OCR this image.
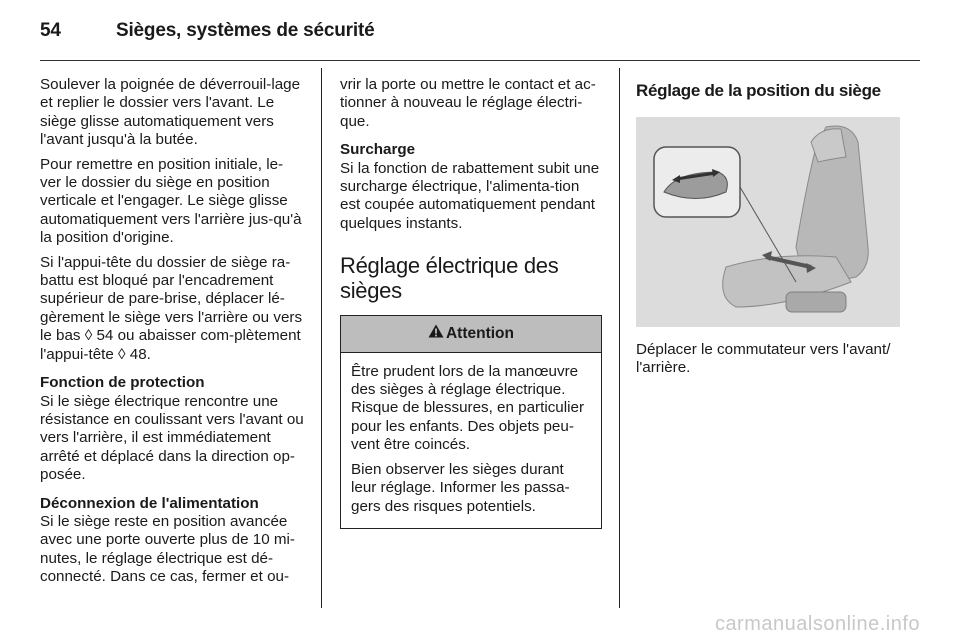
54	Sièges, systèmes de sécurité

Soulever la poignée de déverrouil-lage et replier le dossier vers l'avant. Le siège glisse automatiquement vers l'avant jusqu'à la butée.

Pour remettre en position initiale, le-ver le dossier du siège en position verticale et l'engager. Le siège glisse automatiquement vers l'arrière jus-qu'à la position d'origine.

Si l'appui-tête du dossier de siège ra-battu est bloqué par l'encadrement supérieur de pare-brise, déplacer lé-gèrement le siège vers l'arrière ou vers le bas ◊ 54 ou abaisser com-plètement l'appui-tête ◊ 48.

Fonction de protection

Si le siège électrique rencontre une résistance en coulissant vers l'avant ou vers l'arrière, il est immédiatement arrêté et déplacé dans la direction op-posée.

Déconnexion de l'alimentation

Si le siège reste en position avancée avec une porte ouverte plus de 10 mi-nutes, le réglage électrique est dé-connecté. Dans ce cas, fermer et ou-

vrir la porte ou mettre le contact et ac-tionner à nouveau le réglage électri-que.

Surcharge

Si la fonction de rabattement subit une surcharge électrique, l'alimenta-tion est coupée automatiquement pendant quelques instants.

Réglage électrique des sièges
Attention

Être prudent lors de la manœuvre des sièges à réglage électrique. Risque de blessures, en particulier pour les enfants. Des objets peu-vent être coincés.

Bien observer les sièges durant leur réglage. Informer les passa-gers des risques potentiels.

Réglage de la position du siège

Déplacer le commutateur vers l'avant/ l'arrière.

carmanualsonline.info
